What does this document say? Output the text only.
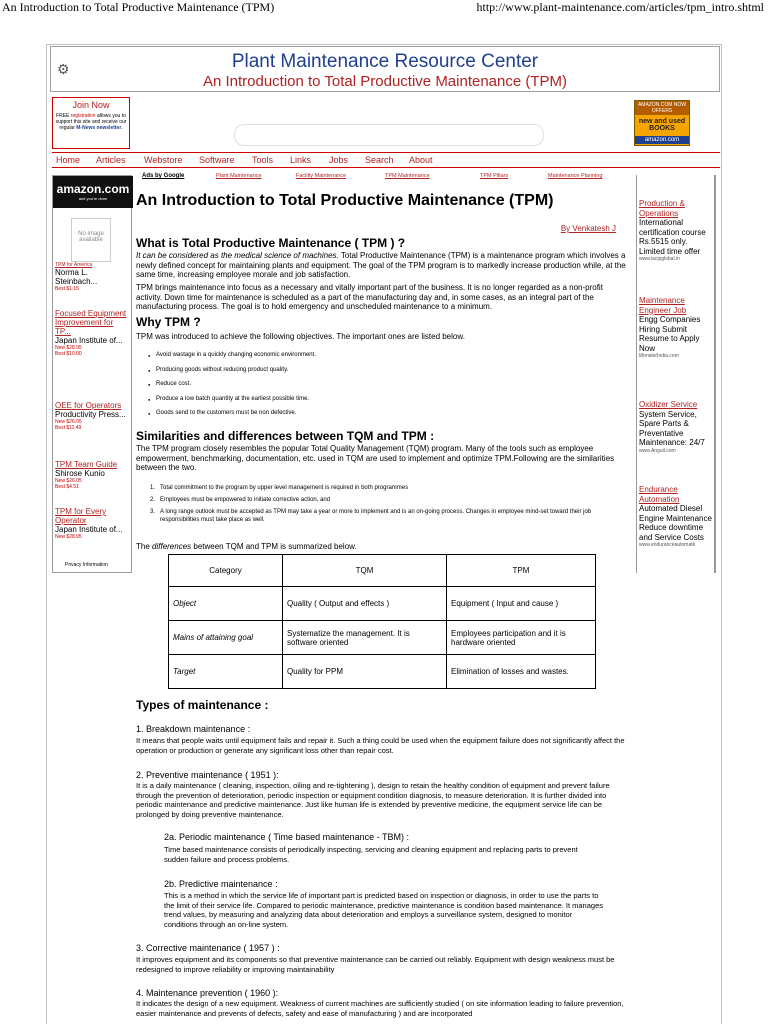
An Introduction to Total Productive Maintenance (TPM)	http://www.plant-maintenance.com/articles/tpm_intro.shtml
⚙	Plant Maintenance Resource Center
An Introduction to Total Productive Maintenance (TPM)
Join Now
FREE registration allows you to support this site and receive our regular M-News newsletter.
AMAZON.COM NOW OFFERS
new and used BOOKS
amazon.com
Home Articles Webstore Software Tools Links Jobs Search About
amazon.com
and you're done
No image available
TPM for America
Norma L. Steinbach...
Best $1.15
Focused Equipment Improvement for TP...
Japan Institute of...
New $28.95
Best $10.00
OEE for Operators
Productivity Press...
New $26.05
Best $11.49
TPM Team Guide
Shirose Kunio
New $26.05
Best $4.51
TPM for Every Operator
Japan Institute of...
New $28.95
Privacy Information
Ads by Google	Plant Maintenance	Facility Maintenance	TPM Maintenance	TPM Pillars	Maintenance Planning
An Introduction to Total Productive Maintenance (TPM)
By Venkatesh J
What is Total Productive Maintenance ( TPM ) ?
It can be considered as the medical science of machines. Total Productive Maintenance (TPM) is a maintenance program which involves a newly defined concept for maintaining plants and equipment. The goal of the TPM program is to markedly increase production while, at the same time, increasing employee morale and job satisfaction.
TPM brings maintenance into focus as a necessary and vitally important part of the business. It is no longer regarded as a non-profit activity. Down time for maintenance is scheduled as a part of the manufacturing day and, in some cases, as an integral part of the manufacturing process. The goal is to hold emergency and unscheduled maintenance to a minimum.
Why TPM ?
TPM was introduced to achieve the following objectives. The important ones are listed below.
● Avoid wastage in a quickly changing economic environment.
● Producing goods without reducing product quality.
● Reduce cost.
● Produce a low batch quantity at the earliest possible time.
● Goods send to the customers must be non defective.
Similarities and differences between TQM and TPM :
The TPM program closely resembles the popular Total Quality Management (TQM) program. Many of the tools such as employee empowerment, benchmarking, documentation, etc. used in TQM are used to implement and optimize TPM.Following are the similarities between the two.
1. Total commitment to the program by upper level management is required in both programmes
2. Employees must be empowered to initiate corrective action, and
3. A long range outlook must be accepted as TPM may take a year or more to implement and is an on-going process. Changes in employee mind-set toward their job responsibilities must take place as well.
The differences between TQM and TPM is summarized below.
Category	TQM	TPM
Object	Quality ( Output and effects )	Equipment ( Input and cause )
Mains of attaining goal	Systematize the management. It is software oriented	Employees participation and it is hardware oriented
Target	Quality for PPM	Elimination of losses and wastes.
Production & Operations
International certification course Rs.5515 only. Limited time offer
www.iacipglobal.in
Maintenance Engineer Job
Engg Companies Hiring Submit Resume to Apply Now
MonsterIndia.com
Oxidizer Service
System Service, Spare Parts & Preventative Maintenance: 24/7
www.Anguil.com
Endurance Automation
Automated Diesel Engine Maintenance Reduce downtime and Service Costs
www.enduranceautomatk
Types of maintenance :
1. Breakdown maintenance :
It means that people waits until equipment fails and repair it. Such a thing could be used when the equipment failure does not significantly affect the operation or production or generate any significant loss other than repair cost.
2. Preventive maintenance ( 1951 ):
It is a daily maintenance ( cleaning, inspection, oiling and re-tightening ), design to retain the healthy condition of equipment and prevent failure through the prevention of deterioration, periodic inspection or equipment condition diagnosis, to measure deterioration. It is further divided into periodic maintenance and predictive maintenance. Just like human life is extended by preventive medicine, the equipment service life can be prolonged by doing preventive maintenance.
2a. Periodic maintenance ( Time based maintenance - TBM) :
Time based maintenance consists of periodically inspecting, servicing and cleaning equipment and replacing parts to prevent sudden failure and process problems.
2b. Predictive maintenance :
This is a method in which the service life of important part is predicted based on inspection or diagnosis, in order to use the parts to the limit of their service life. Compared to periodic maintenance, predictive maintenance is condition based maintenance. It manages trend values, by measuring and analyzing data about deterioration and employs a surveillance system, designed to monitor conditions through an on-line system.
3. Corrective maintenance ( 1957 ) :
It improves equipment and its components so that preventive maintenance can be carried out reliably. Equipment with design weakness must be redesigned to improve reliability or improving maintainability
4. Maintenance prevention ( 1960 ):
It indicates the design of a new equipment. Weakness of current machines are sufficiently studied ( on site information leading to failure prevention, easier maintenance and prevents of defects, safety and ease of manufacturing ) and are incorporated
